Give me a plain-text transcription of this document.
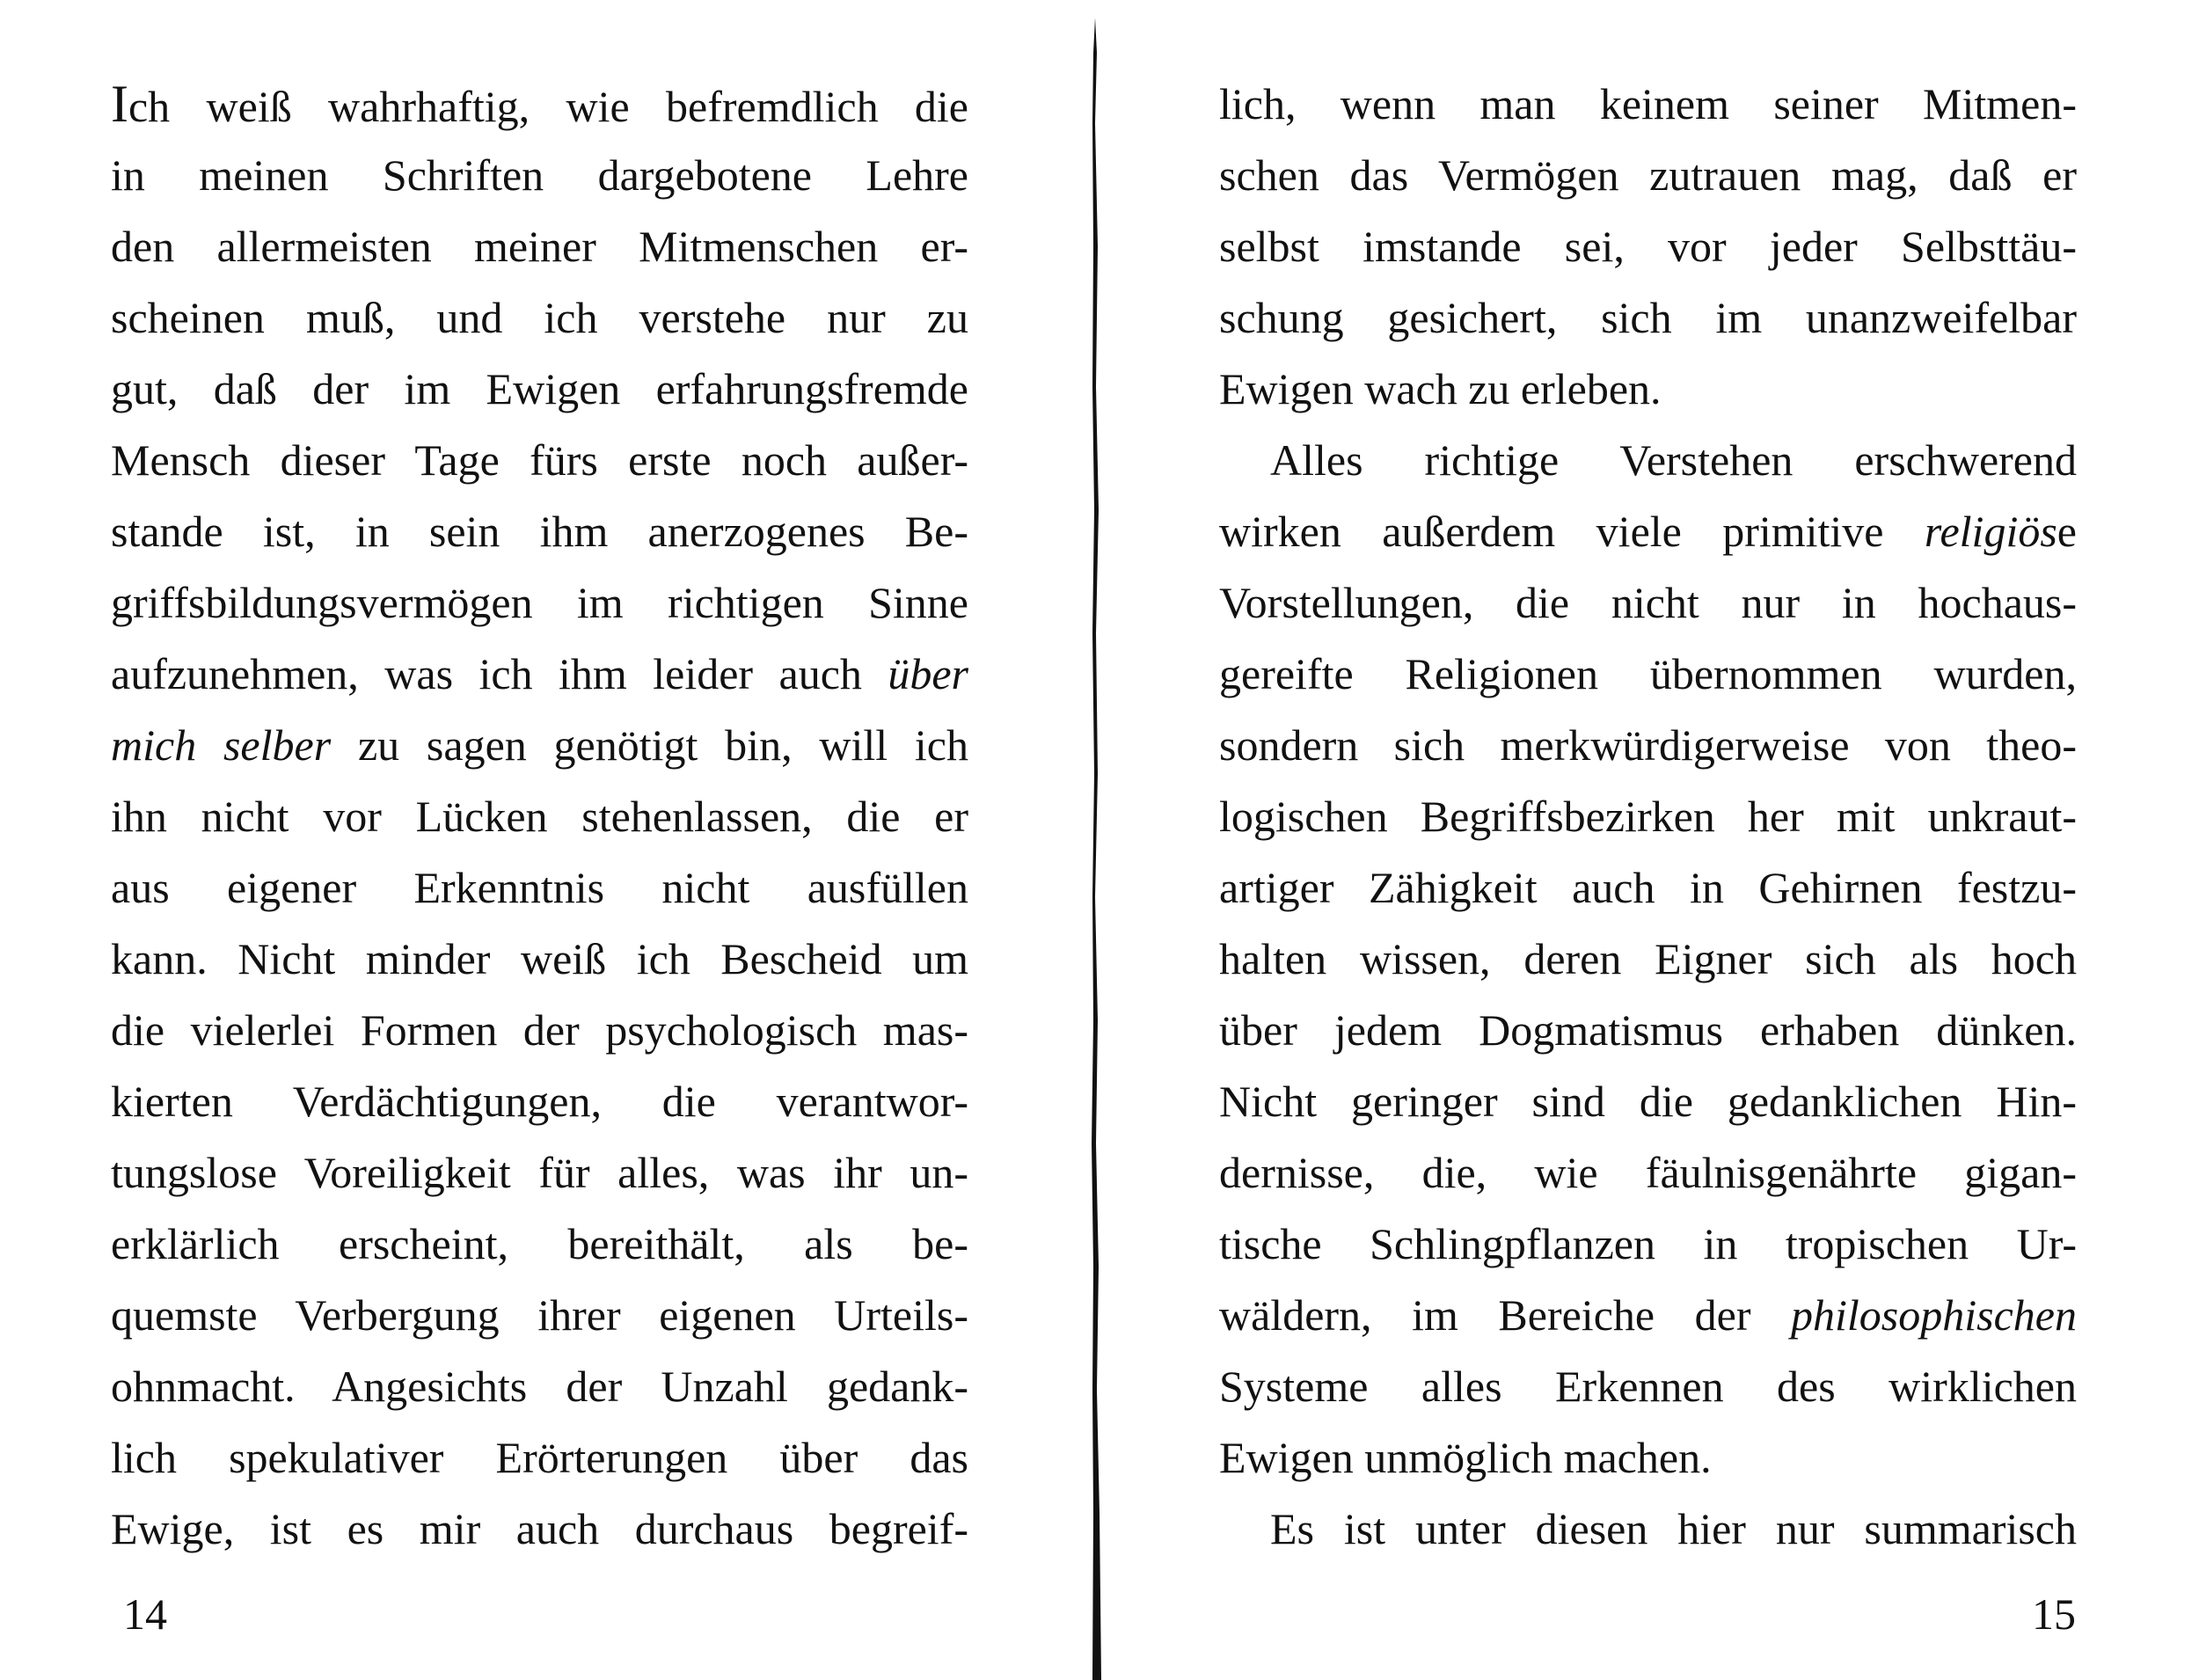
Ich weiß wahrhaftig, wie befremdlich die
in meinen Schriften dargebotene Lehre
den allermeisten meiner Mitmenschen er-
scheinen muß, und ich verstehe nur zu
gut, daß der im Ewigen erfahrungsfremde
Mensch dieser Tage fürs erste noch außer-
stande ist, in sein ihm anerzogenes Be-
griffsbildungsvermögen im richtigen Sinne
aufzunehmen, was ich ihm leider auch über
mich selber zu sagen genötigt bin, will ich
ihn nicht vor Lücken stehenlassen, die er
aus eigener Erkenntnis nicht ausfüllen
kann. Nicht minder weiß ich Bescheid um
die vielerlei Formen der psychologisch mas-
kierten Verdächtigungen, die verantwor-
tungslose Voreiligkeit für alles, was ihr un-
erklärlich erscheint, bereithält, als be-
quemste Verbergung ihrer eigenen Urteils-
ohnmacht. Angesichts der Unzahl gedank-
lich spekulativer Erörterungen über das
Ewige, ist es mir auch durchaus begreif-
14
lich, wenn man keinem seiner Mitmen-
schen das Vermögen zutrauen mag, daß er
selbst imstande sei, vor jeder Selbsttäu-
schung gesichert, sich im unanzweifelbar
Ewigen wach zu erleben.
Alles richtige Verstehen erschwerend
wirken außerdem viele primitive religiöse
Vorstellungen, die nicht nur in hochaus-
gereifte Religionen übernommen wurden,
sondern sich merkwürdigerweise von theo-
logischen Begriffsbezirken her mit unkraut-
artiger Zähigkeit auch in Gehirnen festzu-
halten wissen, deren Eigner sich als hoch
über jedem Dogmatismus erhaben dünken.
Nicht geringer sind die gedanklichen Hin-
dernisse, die, wie fäulnisgenährte gigan-
tische Schlingpflanzen in tropischen Ur-
wäldern, im Bereiche der philosophischen
Systeme alles Erkennen des wirklichen
Ewigen unmöglich machen.
Es ist unter diesen hier nur summarisch
15
